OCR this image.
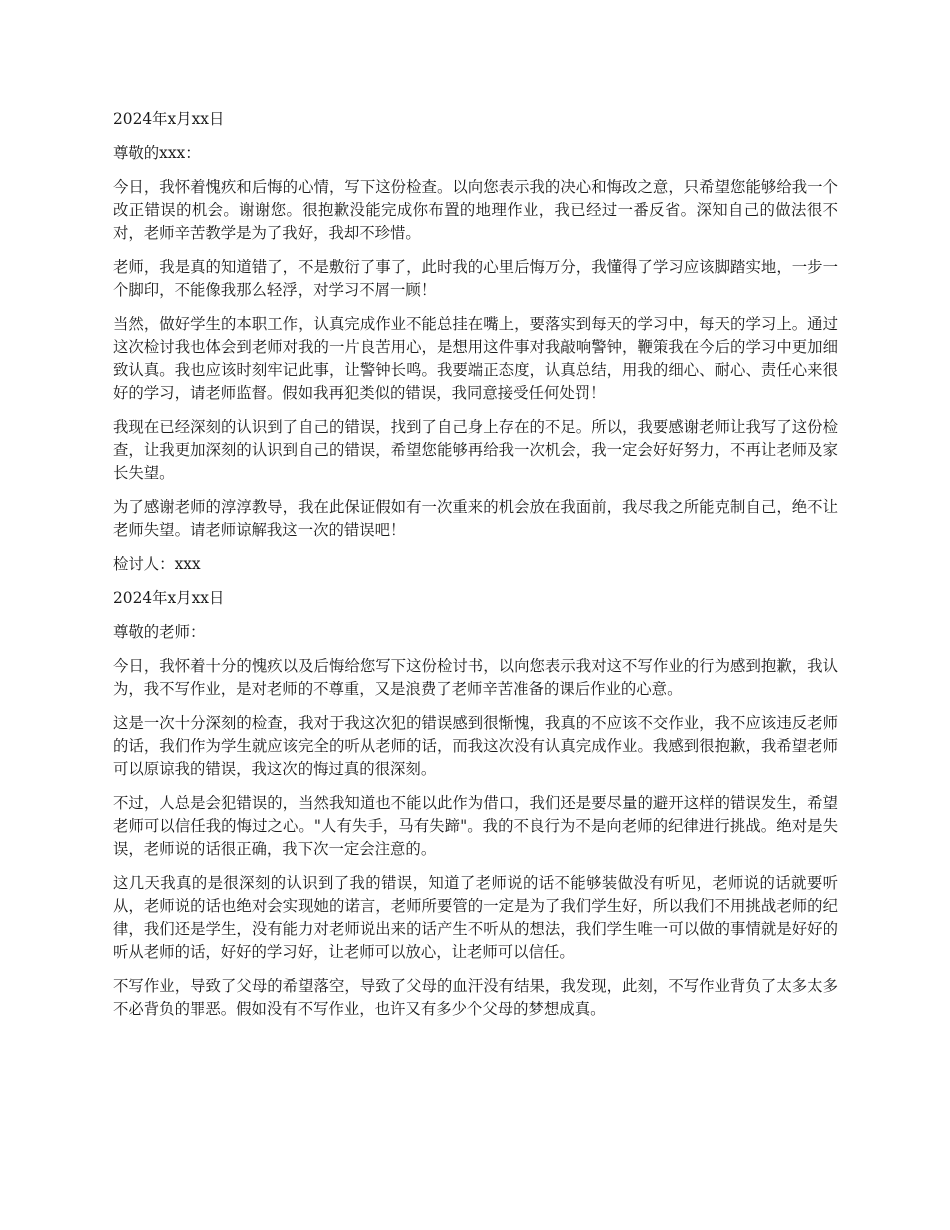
2024年x月xx日

尊敬的xxx：

今日，我怀着愧疚和后悔的心情，写下这份检查。以向您表示我的决心和悔改之意，只希望您能够给我一个改正错误的机会。谢谢您。很抱歉没能完成你布置的地理作业，我已经过一番反省。深知自己的做法很不对，老师辛苦教学是为了我好，我却不珍惜。

老师，我是真的知道错了，不是敷衍了事了，此时我的心里后悔万分，我懂得了学习应该脚踏实地，一步一个脚印，不能像我那么轻浮，对学习不屑一顾！

当然，做好学生的本职工作，认真完成作业不能总挂在嘴上，要落实到每天的学习中，每天的学习上。通过这次检讨我也体会到老师对我的一片良苦用心，是想用这件事对我敲响警钟，鞭策我在今后的学习中更加细致认真。我也应该时刻牢记此事，让警钟长鸣。我要端正态度，认真总结，用我的细心、耐心、责任心来很好的学习，请老师监督。假如我再犯类似的错误，我同意接受任何处罚！

我现在已经深刻的认识到了自己的错误，找到了自己身上存在的不足。所以，我要感谢老师让我写了这份检查，让我更加深刻的认识到自己的错误，希望您能够再给我一次机会，我一定会好好努力，不再让老师及家长失望。

为了感谢老师的淳淳教导，我在此保证假如有一次重来的机会放在我面前，我尽我之所能克制自己，绝不让老师失望。请老师谅解我这一次的错误吧！

检讨人：xxx

2024年x月xx日

尊敬的老师：

今日，我怀着十分的愧疚以及后悔给您写下这份检讨书，以向您表示我对这不写作业的行为感到抱歉，我认为，我不写作业，是对老师的不尊重，又是浪费了老师辛苦准备的课后作业的心意。

这是一次十分深刻的检查，我对于我这次犯的错误感到很惭愧，我真的不应该不交作业，我不应该违反老师的话，我们作为学生就应该完全的听从老师的话，而我这次没有认真完成作业。我感到很抱歉，我希望老师可以原谅我的错误，我这次的悔过真的很深刻。

不过，人总是会犯错误的，当然我知道也不能以此作为借口，我们还是要尽量的避开这样的错误发生，希望老师可以信任我的悔过之心。"人有失手，马有失蹄"。我的不良行为不是向老师的纪律进行挑战。绝对是失误，老师说的话很正确，我下次一定会注意的。

这几天我真的是很深刻的认识到了我的错误，知道了老师说的话不能够装做没有听见，老师说的话就要听从，老师说的话也绝对会实现她的诺言，老师所要管的一定是为了我们学生好，所以我们不用挑战老师的纪律，我们还是学生，没有能力对老师说出来的话产生不听从的想法，我们学生唯一可以做的事情就是好好的听从老师的话，好好的学习好，让老师可以放心，让老师可以信任。

不写作业，导致了父母的希望落空，导致了父母的血汗没有结果，我发现，此刻，不写作业背负了太多太多不必背负的罪恶。假如没有不写作业，也许又有多少个父母的梦想成真。
